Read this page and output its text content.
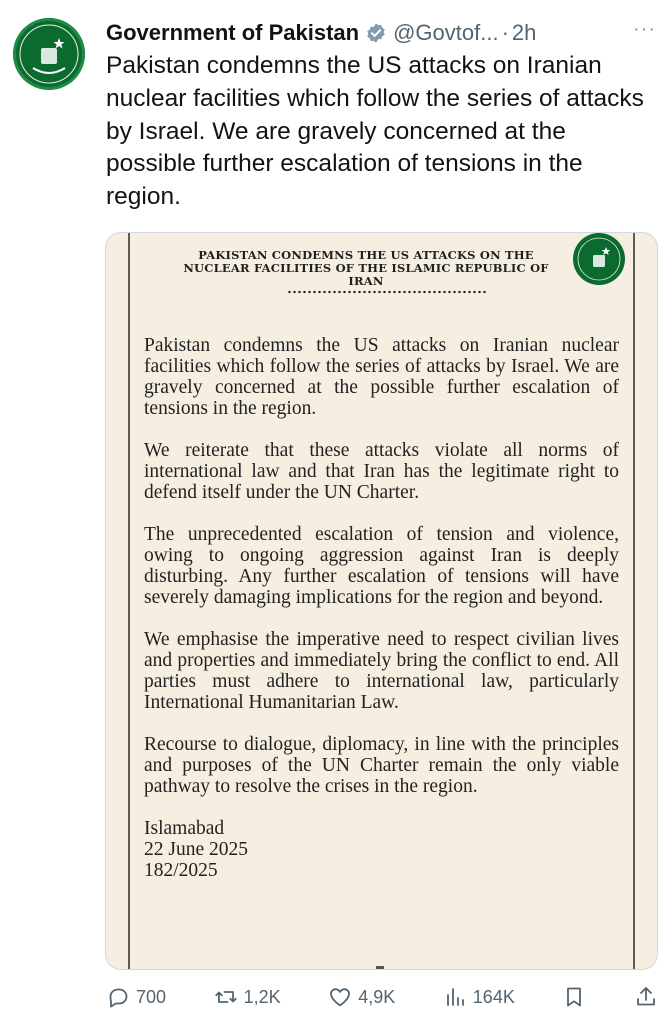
Government of Pakistan @Govtof... · 2h	···
Pakistan condemns the US attacks on Iranian nuclear facilities which follow the series of attacks by Israel. We are gravely concerned at the possible further escalation of tensions in the region.
PAKISTAN CONDEMNS THE US ATTACKS ON THE
NUCLEAR FACILITIES OF THE ISLAMIC REPUBLIC OF
IRAN

Pakistan condemns the US attacks on Iranian nuclear facilities which follow the series of attacks by Israel. We are gravely concerned at the possible further escalation of tensions in the region.

We reiterate that these attacks violate all norms of international law and that Iran has the legitimate right to defend itself under the UN Charter.

The unprecedented escalation of tension and violence, owing to ongoing aggression against Iran is deeply disturbing. Any further escalation of tensions will have severely damaging implications for the region and beyond.

We emphasise the imperative need to respect civilian lives and properties and immediately bring the conflict to end. All parties must adhere to international law, particularly International Humanitarian Law.

Recourse to dialogue, diplomacy, in line with the principles and purposes of the UN Charter remain the only viable pathway to resolve the crises in the region.

Islamabad
22 June 2025
182/2025
700	1,2K	4,9K	164K
